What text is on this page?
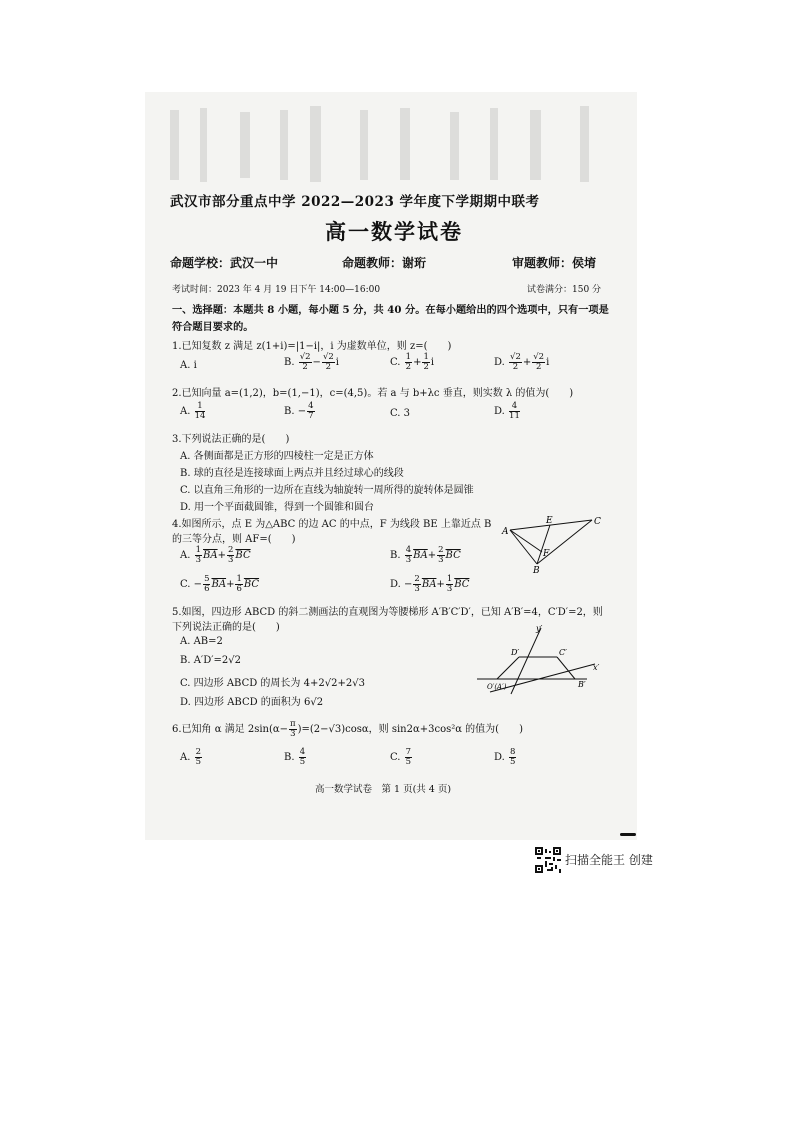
武汉市部分重点中学 2022—2023 学年度下学期期中联考
高一数学试卷
命题学校：武汉一中	命题教师：谢珩	审题教师：侯堉
考试时间：2023 年 4 月 19 日下午 14:00—16:00	试卷满分：150 分
一、选择题：本题共 8 小题，每小题 5 分，共 40 分。在每小题给出的四个选项中，只有一项是符合题目要求的。
1.已知复数 z 满足 z(1+i)=|1−i|，i 为虚数单位，则 z=(　　)
A. i	B. $\frac{√2}{2} - \frac{√2}{2}$ i	C. $\frac{1}{2} + \frac{1}{2}$ i	D. $\frac{√2}{2} + \frac{√2}{2}$ i
2.已知向量 a=(1,2)，b=(1,−1)，c=(4,5)。若 a 与 b+λc 垂直，则实数 λ 的值为(　　)
A. $\frac{1}{14}$	B. − $\frac{4}{7}$	C. 3	D. $\frac{4}{11}$
3.下列说法正确的是(　　)
A. 各侧面都是正方形的四棱柱一定是正方体
B. 球的直径是连接球面上两点并且经过球心的线段
C. 以直角三角形的一边所在直线为轴旋转一周所得的旋转体是圆锥
D. 用一个平面截圆锥，得到一个圆锥和圆台
4.如图所示，点 E 为△ABC 的边 AC 的中点，F 为线段 BE 上靠近点 B
的三等分点，则 AF=(　　)
A. $\frac{1}{3} \overline{BA}+ \frac{2}{3} \overline{BC}$	B. $\frac{4}{3} \overline{BA}+ \frac{2}{3} \overline{BC}$
C. − $\frac{5}{6} \overline{BA}+ \frac{1}{6} \overline{BC}$	D. − $\frac{2}{3} \overline{BA}+ \frac{1}{3} \overline{BC}$
A
C
E
F
B
5.如图，四边形 ABCD 的斜二测画法的直观图为等腰梯形 A′B′C′D′，已知 A′B′=4，C′D′=2，则
下列说法正确的是(　　)
A. AB=2
B. A′D′=2√2
C. 四边形 ABCD 的周长为 4+2√2+2√3
D. 四边形 ABCD 的面积为 6√2
y′
x′
D′	C′
O′(A′)	B′
6.已知角 α 满足 $2\sin(\alpha- \frac{\pi}{3} )=(2-√3)\cos\alpha$，则 sin2α+3cos²α 的值为(　　)
A. $\frac{2}{5}$	B. $\frac{4}{5}$	C. $\frac{7}{5}$	D. $\frac{8}{5}$
高一数学试卷　第 1 页(共 4 页)
扫描全能王 创建
